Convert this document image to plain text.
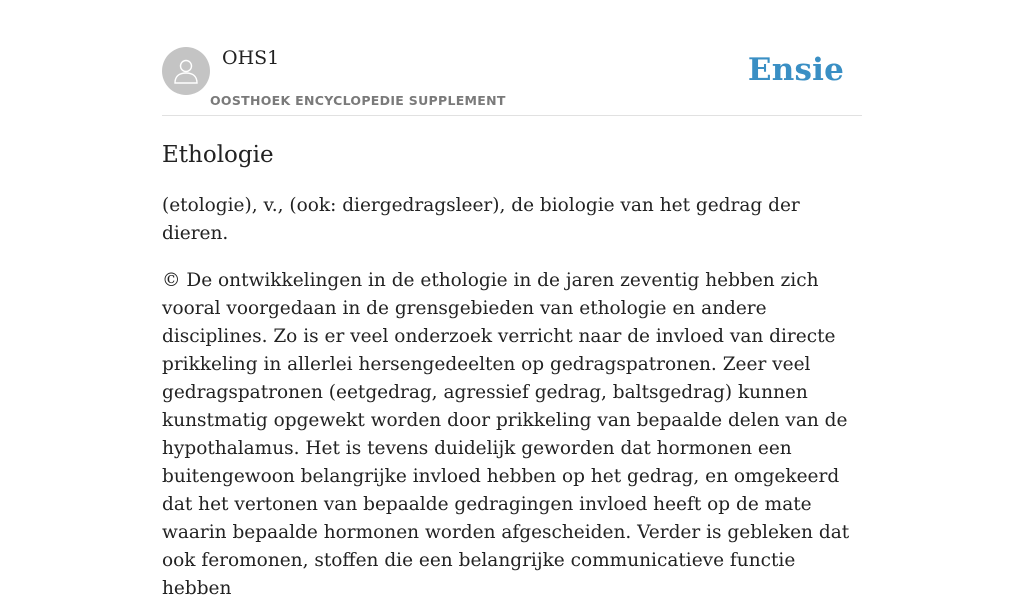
OHS1
OOSTHOEK ENCYCLOPEDIE SUPPLEMENT
Ensie
Ethologie

(etologie), v., (ook: diergedragsleer), de biologie van het gedrag der dieren.

© De ontwikkelingen in de ethologie in de jaren zeventig hebben zich vooral voorgedaan in de grensgebieden van ethologie en andere disciplines. Zo is er veel onderzoek verricht naar de invloed van directe prikkeling in allerlei hersengedeelten op gedragspatronen. Zeer veel gedragspatronen (eetgedrag, agressief gedrag, baltsgedrag) kunnen kunstmatig opgewekt worden door prikkeling van bepaalde delen van de hypothalamus. Het is tevens duidelijk geworden dat hormonen een buitengewoon belangrijke invloed hebben op het gedrag, en omgekeerd dat het vertonen van bepaalde gedragingen invloed heeft op de mate waarin bepaalde hormonen worden afgescheiden. Verder is gebleken dat ook feromonen, stoffen die een belangrijke communicatieve functie hebben
